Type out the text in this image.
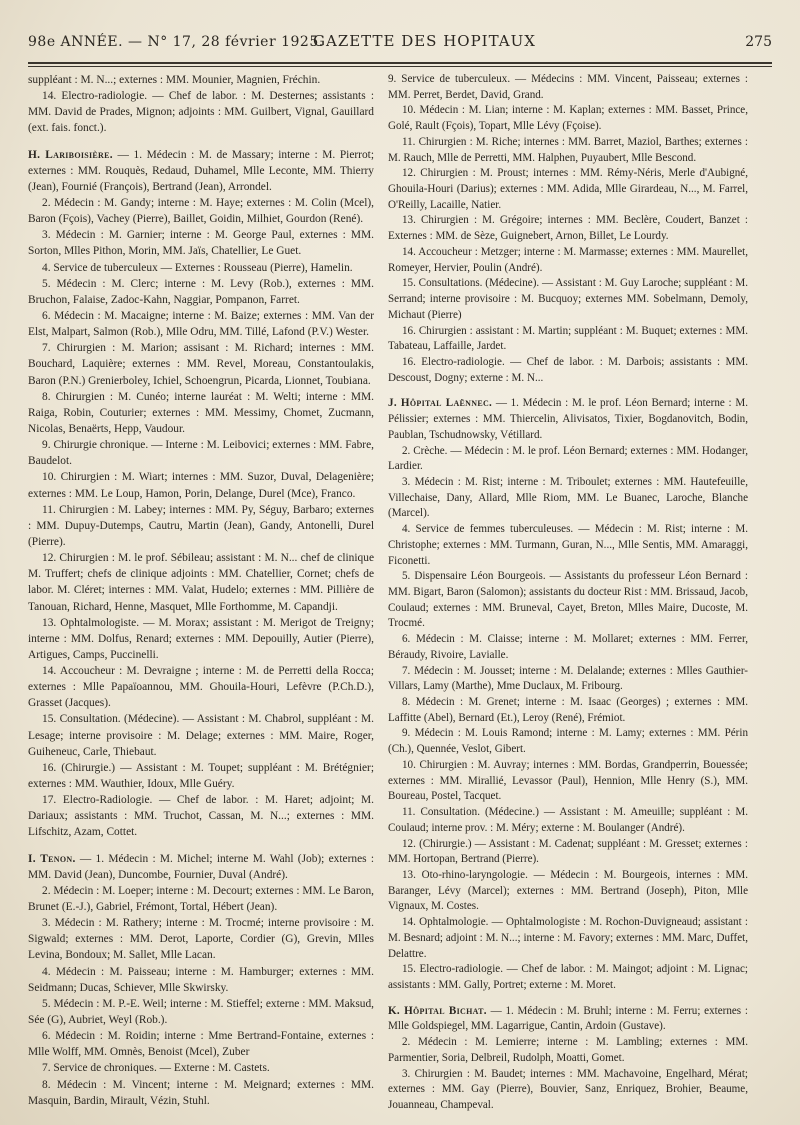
98e ANNÉE. — N° 17, 28 février 1925.
GAZETTE DES HOPITAUX	275

suppléant : M. N...; externes : MM. Mounier, Magnien, Fréchin.

14. Electro-radiologie. — Chef de labor. : M. Desternes; assistants : MM. David de Prades, Mignon; adjoints : MM. Guilbert, Vignal, Gauillard (ext. fais. fonct.).

H. Lariboisière. — 1. Médecin : M. de Massary; interne : M. Pierrot; externes : MM. Rouquès, Redaud, Duhamel, Mlle Leconte, MM. Thierry (Jean), Fournié (François), Bertrand (Jean), Arrondel.

2. Médecin : M. Gandy; interne : M. Haye; externes : M. Colin (Mcel), Baron (Fçois), Vachey (Pierre), Baillet, Goidin, Milhiet, Gourdon (René).

3. Médecin : M. Garnier; interne : M. George Paul, externes : MM. Sorton, Mlles Pithon, Morin, MM. Jaïs, Chatellier, Le Guet.

4. Service de tuberculeux — Externes : Rousseau (Pierre), Hamelin.

5. Médecin : M. Clerc; interne : M. Levy (Rob.), externes : MM. Bruchon, Falaise, Zadoc-Kahn, Naggiar, Pompanon, Farret.

6. Médecin : M. Macaigne; interne : M. Baize; externes : MM. Van der Elst, Malpart, Salmon (Rob.), Mlle Odru, MM. Tillé, Lafond (P.V.) Wester.

7. Chirurgien : M. Marion; assisant : M. Richard; internes : MM. Bouchard, Laquière; externes : MM. Revel, Moreau, Constantoulakis, Baron (P.N.) Grenierboley, Ichiel, Schoengrun, Picarda, Lionnet, Toubiana.

8. Chirurgien : M. Cunéo; interne lauréat : M. Welti; interne : MM. Raiga, Robin, Couturier; externes : MM. Messimy, Chomet, Zucmann, Nicolas, Benaërts, Hepp, Vaudour.

9. Chirurgie chronique. — Interne : M. Leibovici; externes : MM. Fabre, Baudelot.

10. Chirurgien : M. Wiart; internes : MM. Suzor, Duval, Delagenière; externes : MM. Le Loup, Hamon, Porin, Delange, Durel (Mce), Franco.

11. Chirurgien : M. Labey; internes : MM. Py, Séguy, Barbaro; externes : MM. Dupuy-Dutemps, Cautru, Martin (Jean), Gandy, Antonelli, Durel (Pierre).

12. Chirurgien : M. le prof. Sébileau; assistant : M. N... chef de clinique M. Truffert; chefs de clinique adjoints : MM. Chatellier, Cornet; chefs de labor. M. Cléret; internes : MM. Valat, Hudelo; externes : MM. Pillière de Tanouan, Richard, Henne, Masquet, Mlle Forthomme, M. Capandji.

13. Ophtalmologiste. — M. Morax; assistant : M. Merigot de Treigny; interne : MM. Dolfus, Renard; externes : MM. Depouilly, Autier (Pierre), Artigues, Camps, Puccinelli.

14. Accoucheur : M. Devraigne ; interne : M. de Perretti della Rocca; externes : Mlle Papaïoannou, MM. Ghouila-Houri, Lefèvre (P.Ch.D.), Grasset (Jacques).

15. Consultation. (Médecine). — Assistant : M. Chabrol, suppléant : M. Lesage; interne provisoire : M. Delage; externes : MM. Maire, Roger, Guiheneuc, Carle, Thiebaut.

16. (Chirurgie.) — Assistant : M. Toupet; suppléant : M. Brétégnier; externes : MM. Wauthier, Idoux, Mlle Guéry.

17. Electro-Radiologie. — Chef de labor. : M. Haret; adjoint; M. Dariaux; assistants : MM. Truchot, Cassan, M. N...; externes : MM. Lifschitz, Azam, Cottet.

I. Tenon. — 1. Médecin : M. Michel; interne M. Wahl (Job); externes : MM. David (Jean), Duncombe, Fournier, Duval (André).

2. Médecin : M. Loeper; interne : M. Decourt; externes : MM. Le Baron, Brunet (E.-J.), Gabriel, Frémont, Tortal, Hébert (Jean).

3. Médecin : M. Rathery; interne : M. Trocmé; interne provisoire : M. Sigwald; externes : MM. Derot, Laporte, Cordier (G), Grevin, Mlles Levina, Bondoux; M. Sallet, Mlle Lacan.

4. Médecin : M. Paisseau; interne : M. Hamburger; externes : MM. Seidmann; Ducas, Schiever, Mlle Skwirsky.

5. Médecin : M. P.-E. Weil; interne : M. Stieffel; externe : MM. Maksud, Sée (G), Aubriet, Weyl (Rob.).

6. Médecin : M. Roidin; interne : Mme Bertrand-Fontaine, externes : Mlle Wolff, MM. Omnès, Benoist (Mcel), Zuber

7. Service de chroniques. — Externe : M. Castets.

8. Médecin : M. Vincent; interne : M. Meignard; externes : MM. Masquin, Bardin, Mirault, Vézin, Stuhl.

9. Service de tuberculeux. — Médecins : MM. Vincent, Paisseau; externes : MM. Perret, Berdet, David, Grand.

10. Médecin : M. Lian; interne : M. Kaplan; externes : MM. Basset, Prince, Golé, Rault (Fçois), Topart, Mlle Lévy (Fçoise).

11. Chirurgien : M. Riche; internes : MM. Barret, Maziol, Barthes; externes : M. Rauch, Mlle de Perretti, MM. Halphen, Puyaubert, Mlle Bescond.

12. Chirurgien : M. Proust; internes : MM. Rémy-Néris, Merle d'Aubigné, Ghouila-Houri (Darius); externes : MM. Adida, Mlle Girardeau, N..., M. Farrel, O'Reilly, Lacaille, Natier.

13. Chirurgien : M. Grégoire; internes : MM. Beclère, Coudert, Banzet : Externes : MM. de Sèze, Guignebert, Arnon, Billet, Le Lourdy.

14. Accoucheur : Metzger; interne : M. Marmasse; externes : MM. Maurellet, Romeyer, Hervier, Poulin (André).

15. Consultations. (Médecine). — Assistant : M. Guy Laroche; suppléant : M. Serrand; interne provisoire : M. Bucquoy; externes MM. Sobelmann, Demoly, Michaut (Pierre)

16. Chirurgien : assistant : M. Martin; suppléant : M. Buquet; externes : MM. Tabateau, Laffaille, Jardet.

16. Electro-radiologie. — Chef de labor. : M. Darbois; assistants : MM. Descoust, Dogny; externe : M. N...

J. Hôpital Laënnec. — 1. Médecin : M. le prof. Léon Bernard; interne : M. Pélissier; externes : MM. Thiercelin, Alivisatos, Tixier, Bogdanovitch, Bodin, Paublan, Tschudnowsky, Vétillard.

2. Crèche. — Médecin : M. le prof. Léon Bernard; externes : MM. Hodanger, Lardier.

3. Médecin : M. Rist; interne : M. Triboulet; externes : MM. Hautefeuille, Villechaise, Dany, Allard, Mlle Riom, MM. Le Buanec, Laroche, Blanche (Marcel).

4. Service de femmes tuberculeuses. — Médecin : M. Rist; interne : M. Christophe; externes : MM. Turmann, Guran, N..., Mlle Sentis, MM. Amaraggi, Ficonetti.

5. Dispensaire Léon Bourgeois. — Assistants du professeur Léon Bernard : MM. Bigart, Baron (Salomon); assistants du docteur Rist : MM. Brissaud, Jacob, Coulaud; externes : MM. Bruneval, Cayet, Breton, Mlles Maire, Ducoste, M. Trocmé.

6. Médecin : M. Claisse; interne : M. Mollaret; externes : MM. Ferrer, Béraudy, Rivoire, Lavialle.

7. Médecin : M. Jousset; interne : M. Delalande; externes : Mlles Gauthier-Villars, Lamy (Marthe), Mme Duclaux, M. Fribourg.

8. Médecin : M. Grenet; interne : M. Isaac (Georges) ; externes : MM. Laffitte (Abel), Bernard (Et.), Leroy (René), Frémiot.

9. Médecin : M. Louis Ramond; interne : M. Lamy; externes : MM. Périn (Ch.), Quennée, Veslot, Gibert.

10. Chirurgien : M. Auvray; internes : MM. Bordas, Grandperrin, Bouessée; externes : MM. Mirallié, Levassor (Paul), Hennion, Mlle Henry (S.), MM. Boureau, Postel, Tacquet.

11. Consultation. (Médecine.) — Assistant : M. Ameuille; suppléant : M. Coulaud; interne prov. : M. Méry; externe : M. Boulanger (André).

12. (Chirurgie.) — Assistant : M. Cadenat; suppléant : M. Gresset; externes : MM. Hortopan, Bertrand (Pierre).

13. Oto-rhino-laryngologie. — Médecin : M. Bourgeois, internes : MM. Baranger, Lévy (Marcel); externes : MM. Bertrand (Joseph), Piton, Mlle Vignaux, M. Costes.

14. Ophtalmologie. — Ophtalmologiste : M. Rochon-Duvigneaud; assistant : M. Besnard; adjoint : M. N...; interne : M. Favory; externes : MM. Marc, Duffet, Delattre.

15. Electro-radiologie. — Chef de labor. : M. Maingot; adjoint : M. Lignac; assistants : MM. Gally, Portret; externe : M. Moret.

K. Hôpital Bichat. — 1. Médecin : M. Bruhl; interne : M. Ferru; externes : Mlle Goldspiegel, MM. Lagarrigue, Cantin, Ardoin (Gustave).

2. Médecin : M. Lemierre; interne : M. Lambling; externes : MM. Parmentier, Soria, Delbreil, Rudolph, Moatti, Gomet.

3. Chirurgien : M. Baudet; internes : MM. Machavoine, Engelhard, Mérat; externes : MM. Gay (Pierre), Bouvier, Sanz, Enriquez, Brohier, Beaume, Jouanneau, Champeval.
